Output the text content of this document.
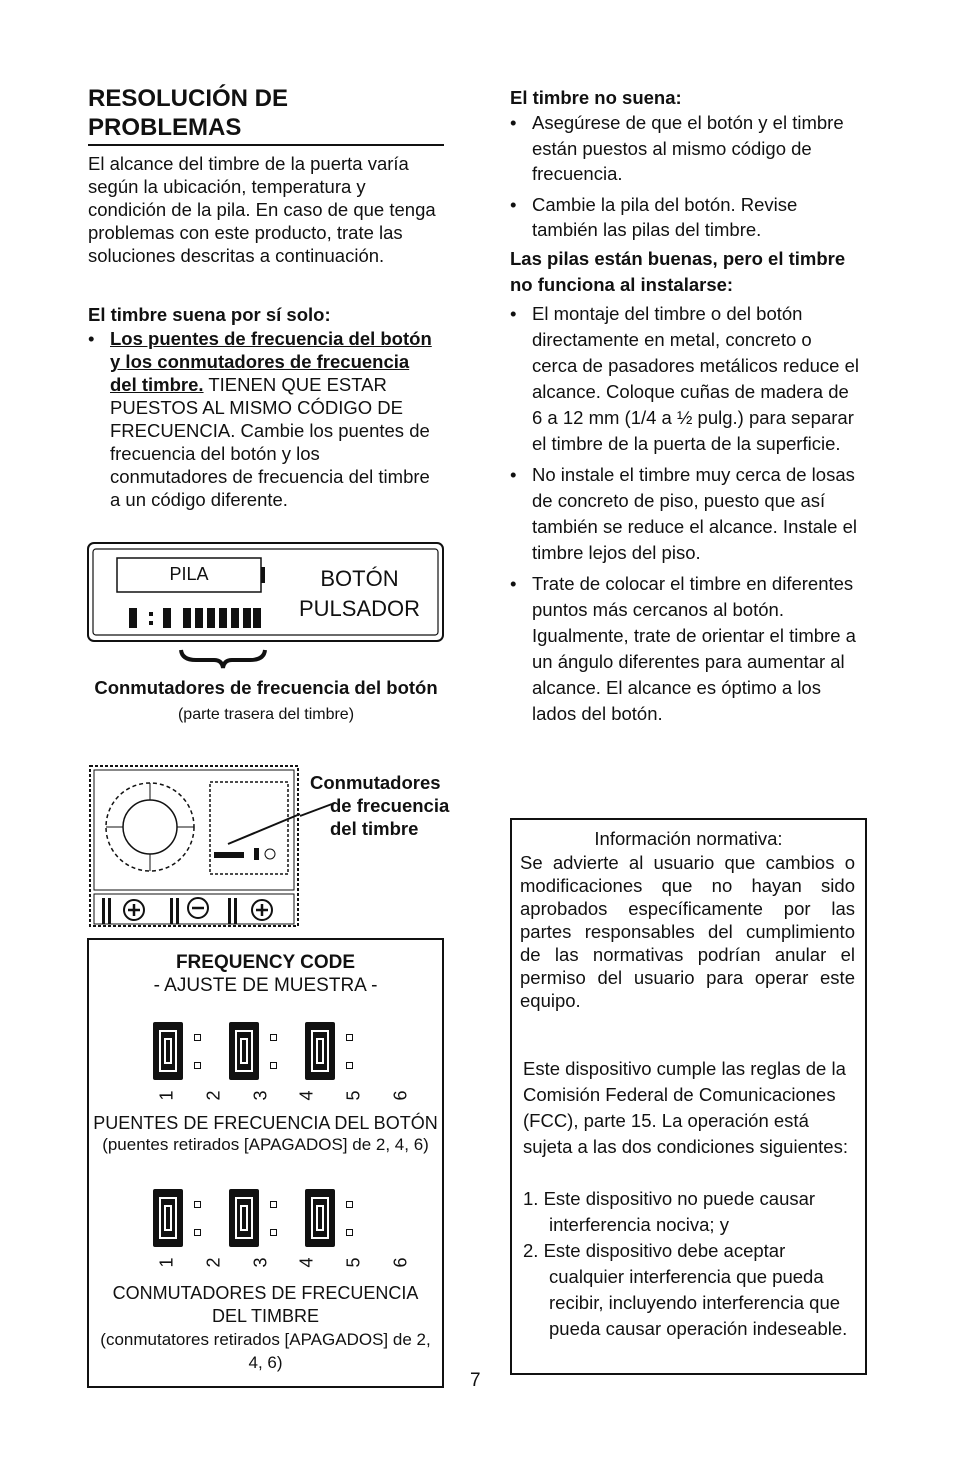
RESOLUCIÓN DE PROBLEMAS
El alcance del timbre de la puerta varía según la ubicación, temperatura y condición de la pila. En caso de que tenga problemas con este producto, trate las soluciones descritas a continuación.
El timbre suena por sí solo:
• Los puentes de frecuencia del botón y los conmutadores de frecuencia del timbre. TIENEN QUE ESTAR PUESTOS AL MISMO CÓDIGO DE FRECUENCIA. Cambie los puentes de frecuencia del botón y los conmutadores de frecuencia del timbre a un código diferente.
PILA	BOTÓN
PULSADOR
Conmutadores de frecuencia del botón (parte trasera del timbre)
Conmutadores
de frecuencia
del timbre
FREQUENCY CODE
- AJUSTE DE MUESTRA -
1 2 3 4 5 6
PUENTES DE FRECUENCIA DEL BOTÓN
(puentes retirados [APAGADOS] de 2, 4, 6)
1 2 3 4 5 6
CONMUTADORES DE FRECUENCIA DEL TIMBRE
(conmutatores retirados [APAGADOS] de 2, 4, 6)
El timbre no suena:
• Asegúrese de que el botón y el timbre están puestos al mismo código de frecuencia.
• Cambie la pila del botón. Revise también las pilas del timbre.
Las pilas están buenas, pero el timbre no funciona al instalarse:
• El montaje del timbre o del botón directamente en metal, concreto o cerca de pasadores metálicos reduce el alcance. Coloque cuñas de madera de 6 a 12 mm (1/4 a ½ pulg.) para separar el timbre de la puerta de la superficie.
• No instale el timbre muy cerca de losas de concreto de piso, puesto que así también se reduce el alcance. Instale el timbre lejos del piso.
• Trate de colocar el timbre en diferentes puntos más cercanos al botón. Igualmente, trate de orientar el timbre a un ángulo diferentes para aumentar al alcance. El alcance es óptimo a los lados del botón.
Información normativa:
Se advierte al usuario que cambios o modificaciones que no hayan sido aprobados específicamente por las partes responsables del cumplimiento de las normativas podrían anular el permiso del usuario para operar este equipo.
Este dispositivo cumple las reglas de la Comisión Federal de Comunicaciones (FCC), parte 15. La operación está sujeta a las dos condiciones siguientes:
1. Este dispositivo no puede causar interferencia nociva; y
2. Este dispositivo debe aceptar cualquier interferencia que pueda recibir, incluyendo interferencia que pueda causar operación indeseable.
7
